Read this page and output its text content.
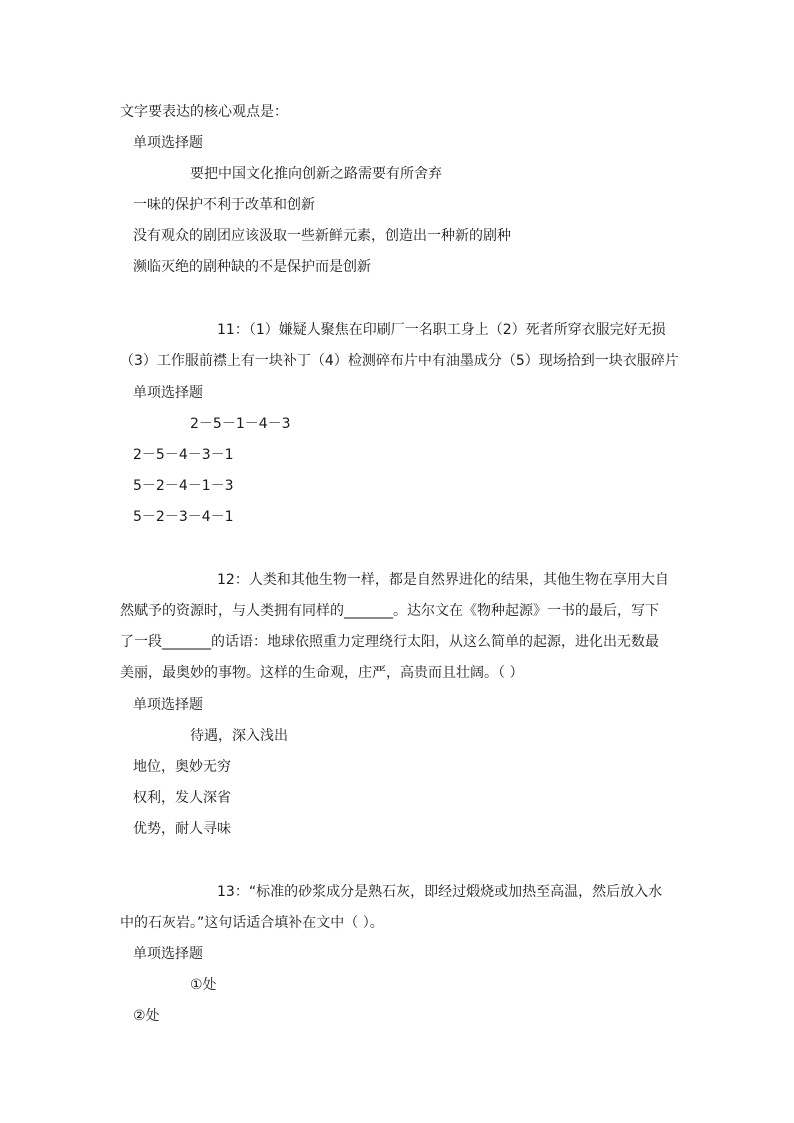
文字要表达的核心观点是：
单项选择题
要把中国文化推向创新之路需要有所舍弃
一味的保护不利于改革和创新
没有观众的剧团应该汲取一些新鲜元素，创造出一种新的剧种
濒临灭绝的剧种缺的不是保护而是创新
11：（1）嫌疑人聚焦在印刷厂一名职工身上（2）死者所穿衣服完好无损
（3）工作服前襟上有一块补丁（4）检测碎布片中有油墨成分（5）现场拾到一块衣服碎片
单项选择题
2－5－1－4－3
2－5－4－3－1
5－2－4－1－3
5－2－3－4－1
12：人类和其他生物一样，都是自然界进化的结果，其他生物在享用大自
然赋予的资源时，与人类拥有同样的_______。达尔文在《物种起源》一书的最后，写下
了一段_______的话语：地球依照重力定理绕行太阳，从这么简单的起源，进化出无数最
美丽，最奥妙的事物。这样的生命观，庄严，高贵而且壮阔。（ ）
单项选择题
待遇，深入浅出
地位，奥妙无穷
权利，发人深省
优势，耐人寻味
13：“标准的砂浆成分是熟石灰，即经过煅烧或加热至高温，然后放入水
中的石灰岩。”这句话适合填补在文中（ ）。
单项选择题
①处
②处
